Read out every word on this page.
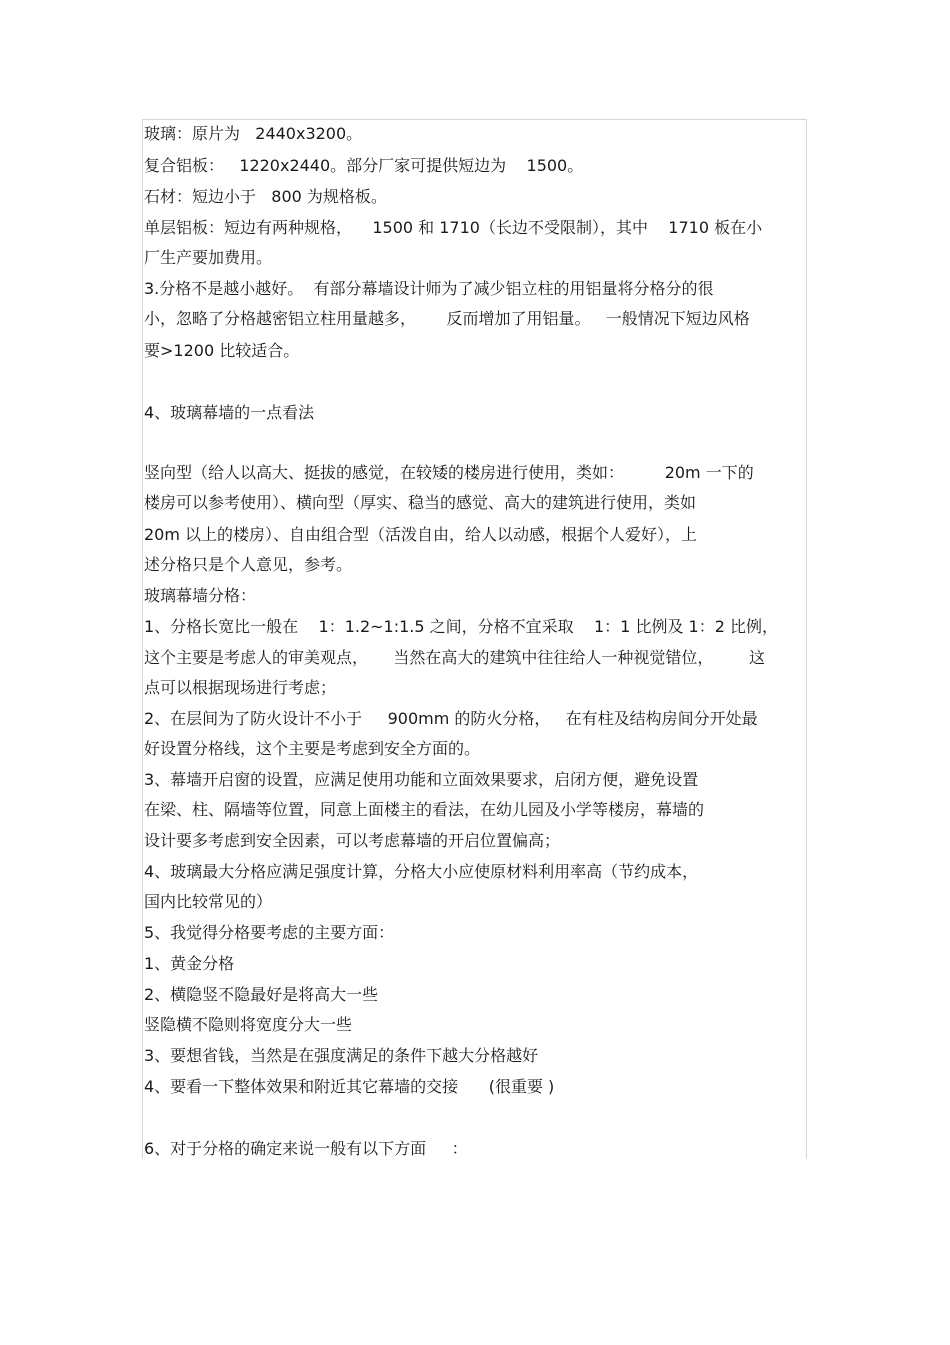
玻璃：原片为   2440x3200。
复合铝板：   1220x2440。部分厂家可提供短边为    1500。
石材：短边小于   800 为规格板。
单层铝板：短边有两种规格，    1500 和 1710（长边不受限制），其中    1710 板在小
厂生产要加费用。
3.分格不是越小越好。  有部分幕墙设计师为了减少铝立柱的用铝量将分格分的很
小，忽略了分格越密铝立柱用量越多，      反而增加了用铝量。   一般情况下短边风格
要>1200 比较适合。
4、玻璃幕墙的一点看法
竖向型（给人以高大、挺拔的感觉，在较矮的楼房进行使用，类如：        20m 一下的
楼房可以参考使用）、横向型（厚实、稳当的感觉、高大的建筑进行使用，类如
20m 以上的楼房）、自由组合型（活泼自由，给人以动感，根据个人爱好），上
述分格只是个人意见，参考。
玻璃幕墙分格：
1、分格长宽比一般在    1：1.2~1:1.5 之间，分格不宜采取    1：1 比例及 1：2 比例，
这个主要是考虑人的审美观点，     当然在高大的建筑中往往给人一种视觉错位，       这
点可以根据现场进行考虑；
2、在层间为了防火设计不小于     900mm 的防火分格，   在有柱及结构房间分开处最
好设置分格线，这个主要是考虑到安全方面的。
3、幕墙开启窗的设置，应满足使用功能和立面效果要求，启闭方便，避免设置
在梁、柱、隔墙等位置，同意上面楼主的看法，在幼儿园及小学等楼房，幕墙的
设计要多考虑到安全因素，可以考虑幕墙的开启位置偏高；
4、玻璃最大分格应满足强度计算，分格大小应使原材料利用率高（节约成本，
国内比较常见的）
5、我觉得分格要考虑的主要方面：
1、黄金分格
2、横隐竖不隐最好是将高大一些
竖隐横不隐则将宽度分大一些
3、要想省钱，当然是在强度满足的条件下越大分格越好
4、要看一下整体效果和附近其它幕墙的交接      (很重要 )
6、对于分格的确定来说一般有以下方面     ：
